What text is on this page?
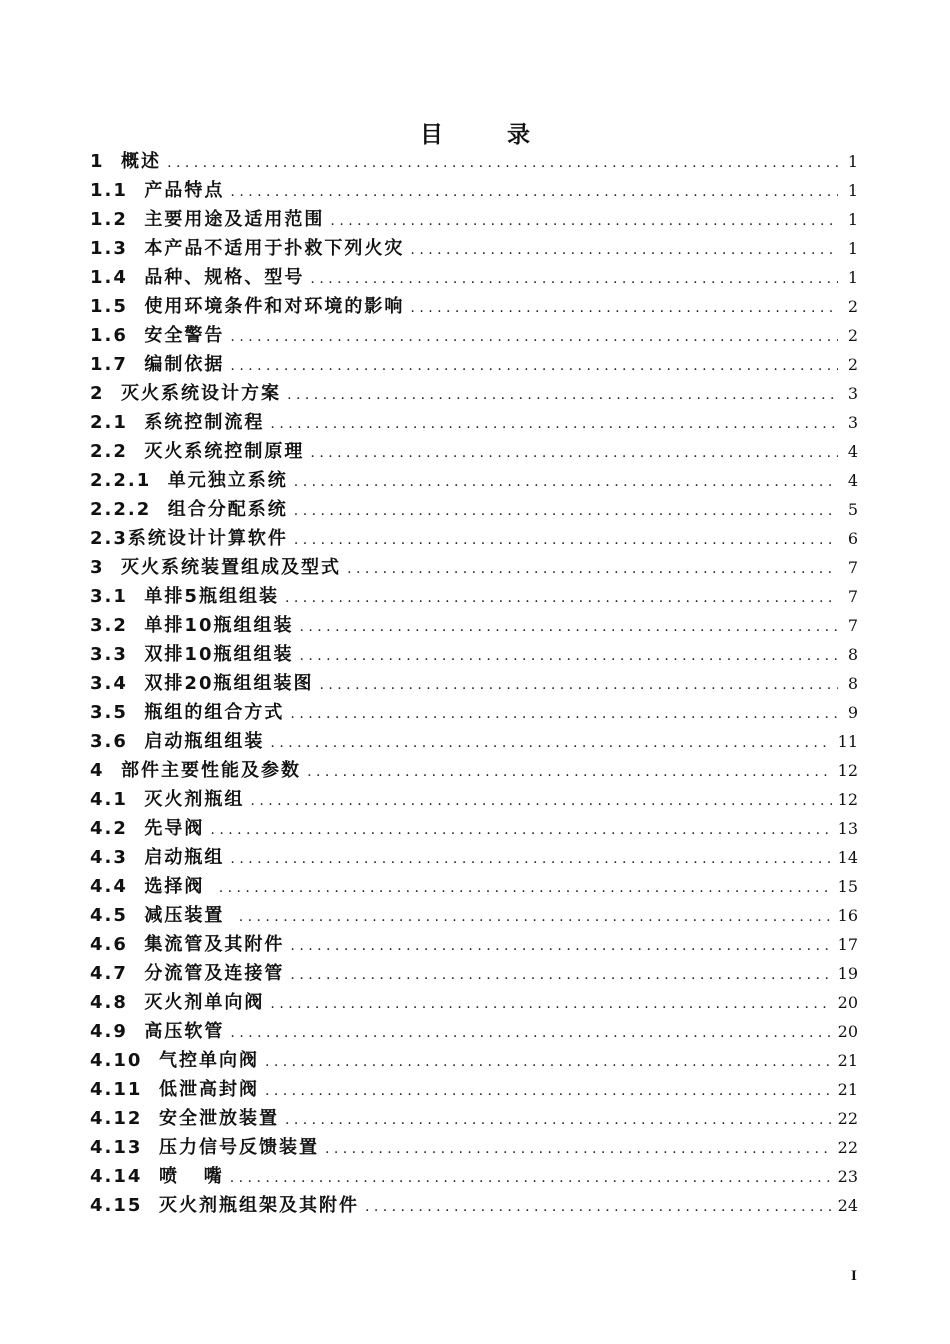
目 录
1  概述 . . .	1
1.1  产品特点 . . .	1
1.2  主要用途及适用范围 . . .	1
1.3  本产品不适用于扑救下列火灾 . . .	1
1.4  品种、规格、型号 . . .	1
1.5  使用环境条件和对环境的影响 . . .	2
1.6  安全警告 . . .	2
1.7  编制依据 . . .	2
2  灭火系统设计方案 . . .	3
2.1  系统控制流程 . . .	3
2.2  灭火系统控制原理 . . .	4
2.2.1  单元独立系统 . . .	4
2.2.2  组合分配系统 . . .	5
2.3系统设计计算软件 . . .	6
3  灭火系统装置组成及型式 . . .	7
3.1  单排5瓶组组装 . . .	7
3.2  单排10瓶组组装 . . .	7
3.3  双排10瓶组组装 . . .	8
3.4  双排20瓶组组装图 . . .	8
3.5  瓶组的组合方式 . . .	9
3.6  启动瓶组组装 . . .	11
4  部件主要性能及参数 . . .	12
4.1  灭火剂瓶组 . . .	12
4.2  先导阀 . . .	13
4.3  启动瓶组 . . .	14
4.4  选择阀 . . .	15
4.5  减压装置 . . .	16
4.6  集流管及其附件 . . .	17
4.7  分流管及连接管 . . .	19
4.8  灭火剂单向阀 . . .	20
4.9  高压软管 . . .	20
4.10  气控单向阀 . . .	21
4.11  低泄高封阀 . . .	21
4.12  安全泄放装置 . . .	22
4.13  压力信号反馈装置 . . .	22
4.14  喷   嘴 . . .	23
4.15  灭火剂瓶组架及其附件 . . .	24
I
